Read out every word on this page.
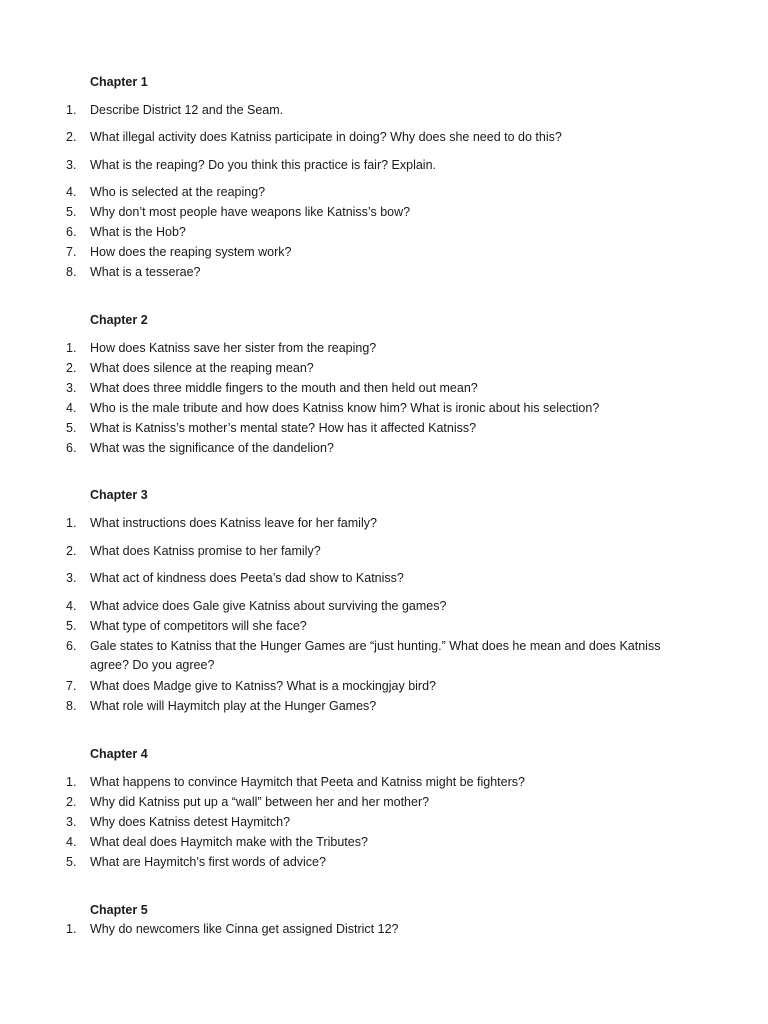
Chapter 1
1. Describe District 12 and the Seam.
2. What illegal activity does Katniss participate in doing? Why does she need to do this?
3. What is the reaping? Do you think this practice is fair? Explain.
4. Who is selected at the reaping?
5. Why don’t most people have weapons like Katniss’s bow?
6. What is the Hob?
7. How does the reaping system work?
8. What is a tesserae?
Chapter 2
1. How does Katniss save her sister from the reaping?
2. What does silence at the reaping mean?
3. What does three middle fingers to the mouth and then held out mean?
4. Who is the male tribute and how does Katniss know him? What is ironic about his selection?
5. What is Katniss’s mother’s mental state? How has it affected Katniss?
6. What was the significance of the dandelion?
Chapter 3
1. What instructions does Katniss leave for her family?
2. What does Katniss promise to her family?
3. What act of kindness does Peeta’s dad show to Katniss?
4. What advice does Gale give Katniss about surviving the games?
5. What type of competitors will she face?
6. Gale states to Katniss that the Hunger Games are “just hunting.” What does he mean and does Katniss agree? Do you agree?
7. What does Madge give to Katniss? What is a mockingjay bird?
8. What role will Haymitch play at the Hunger Games?
Chapter 4
1. What happens to convince Haymitch that Peeta and Katniss might be fighters?
2. Why did Katniss put up a “wall” between her and her mother?
3. Why does Katniss detest Haymitch?
4. What deal does Haymitch make with the Tributes?
5. What are Haymitch’s first words of advice?
Chapter 5
1. Why do newcomers like Cinna get assigned District 12?
